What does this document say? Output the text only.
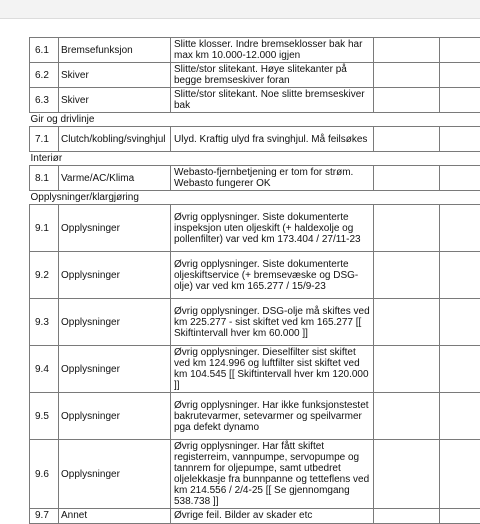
6.1	Bremsefunksjon	Slitte klosser. Indre bremseklosser bak har max km 10.000-12.000 igjen		
6.2	Skiver	Slitte/stor slitekant. Høye slitekanter på begge bremseskiver foran		
6.3	Skiver	Slitte/stor slitekant. Noe slitte bremseskiver bak		
Gir og drivlinje				
7.1	Clutch/kobling/svinghjul	Ulyd. Kraftig ulyd fra svinghjul. Må feilsøkes		
Interiør				
8.1	Varme/AC/Klima	Webasto-fjernbetjening er tom for strøm. Webasto fungerer OK		
Opplysninger/klargjøring				
9.1	Opplysninger	Øvrig opplysninger. Siste dokumenterte inspeksjon uten oljeskift (+ haldexolje og pollenfilter) var ved km 173.404 / 27/11-23		
9.2	Opplysninger	Øvrig opplysninger. Siste dokumenterte oljeskiftservice (+ bremsevæske og DSG-olje) var ved km 165.277 / 15/9-23		
9.3	Opplysninger	Øvrig opplysninger. DSG-olje må skiftes ved km 225.277 - sist skiftet ved km 165.277 [[ Skiftintervall hver km 60.000 ]]		
9.4	Opplysninger	Øvrig opplysninger. Dieselfilter sist skiftet ved km 124.996 og luftfilter sist skiftet ved km 104.545 [[ Skiftintervall hver km 120.000 ]]		
9.5	Opplysninger	Øvrig opplysninger. Har ikke funksjonstestet bakrutevarmer, setevarmer og speilvarmer pga defekt dynamo		
9.6	Opplysninger	Øvrig opplysninger. Har fått skiftet registerreim, vannpumpe, servopumpe og tannrem for oljepumpe, samt utbedret oljelekkasje fra bunnpanne og tetteflens ved km 214.556 / 2/4-25 [[ Se gjennomgang 538.738 ]]		
9.7	Annet	Øvrige feil. Bilder av skader etc		
